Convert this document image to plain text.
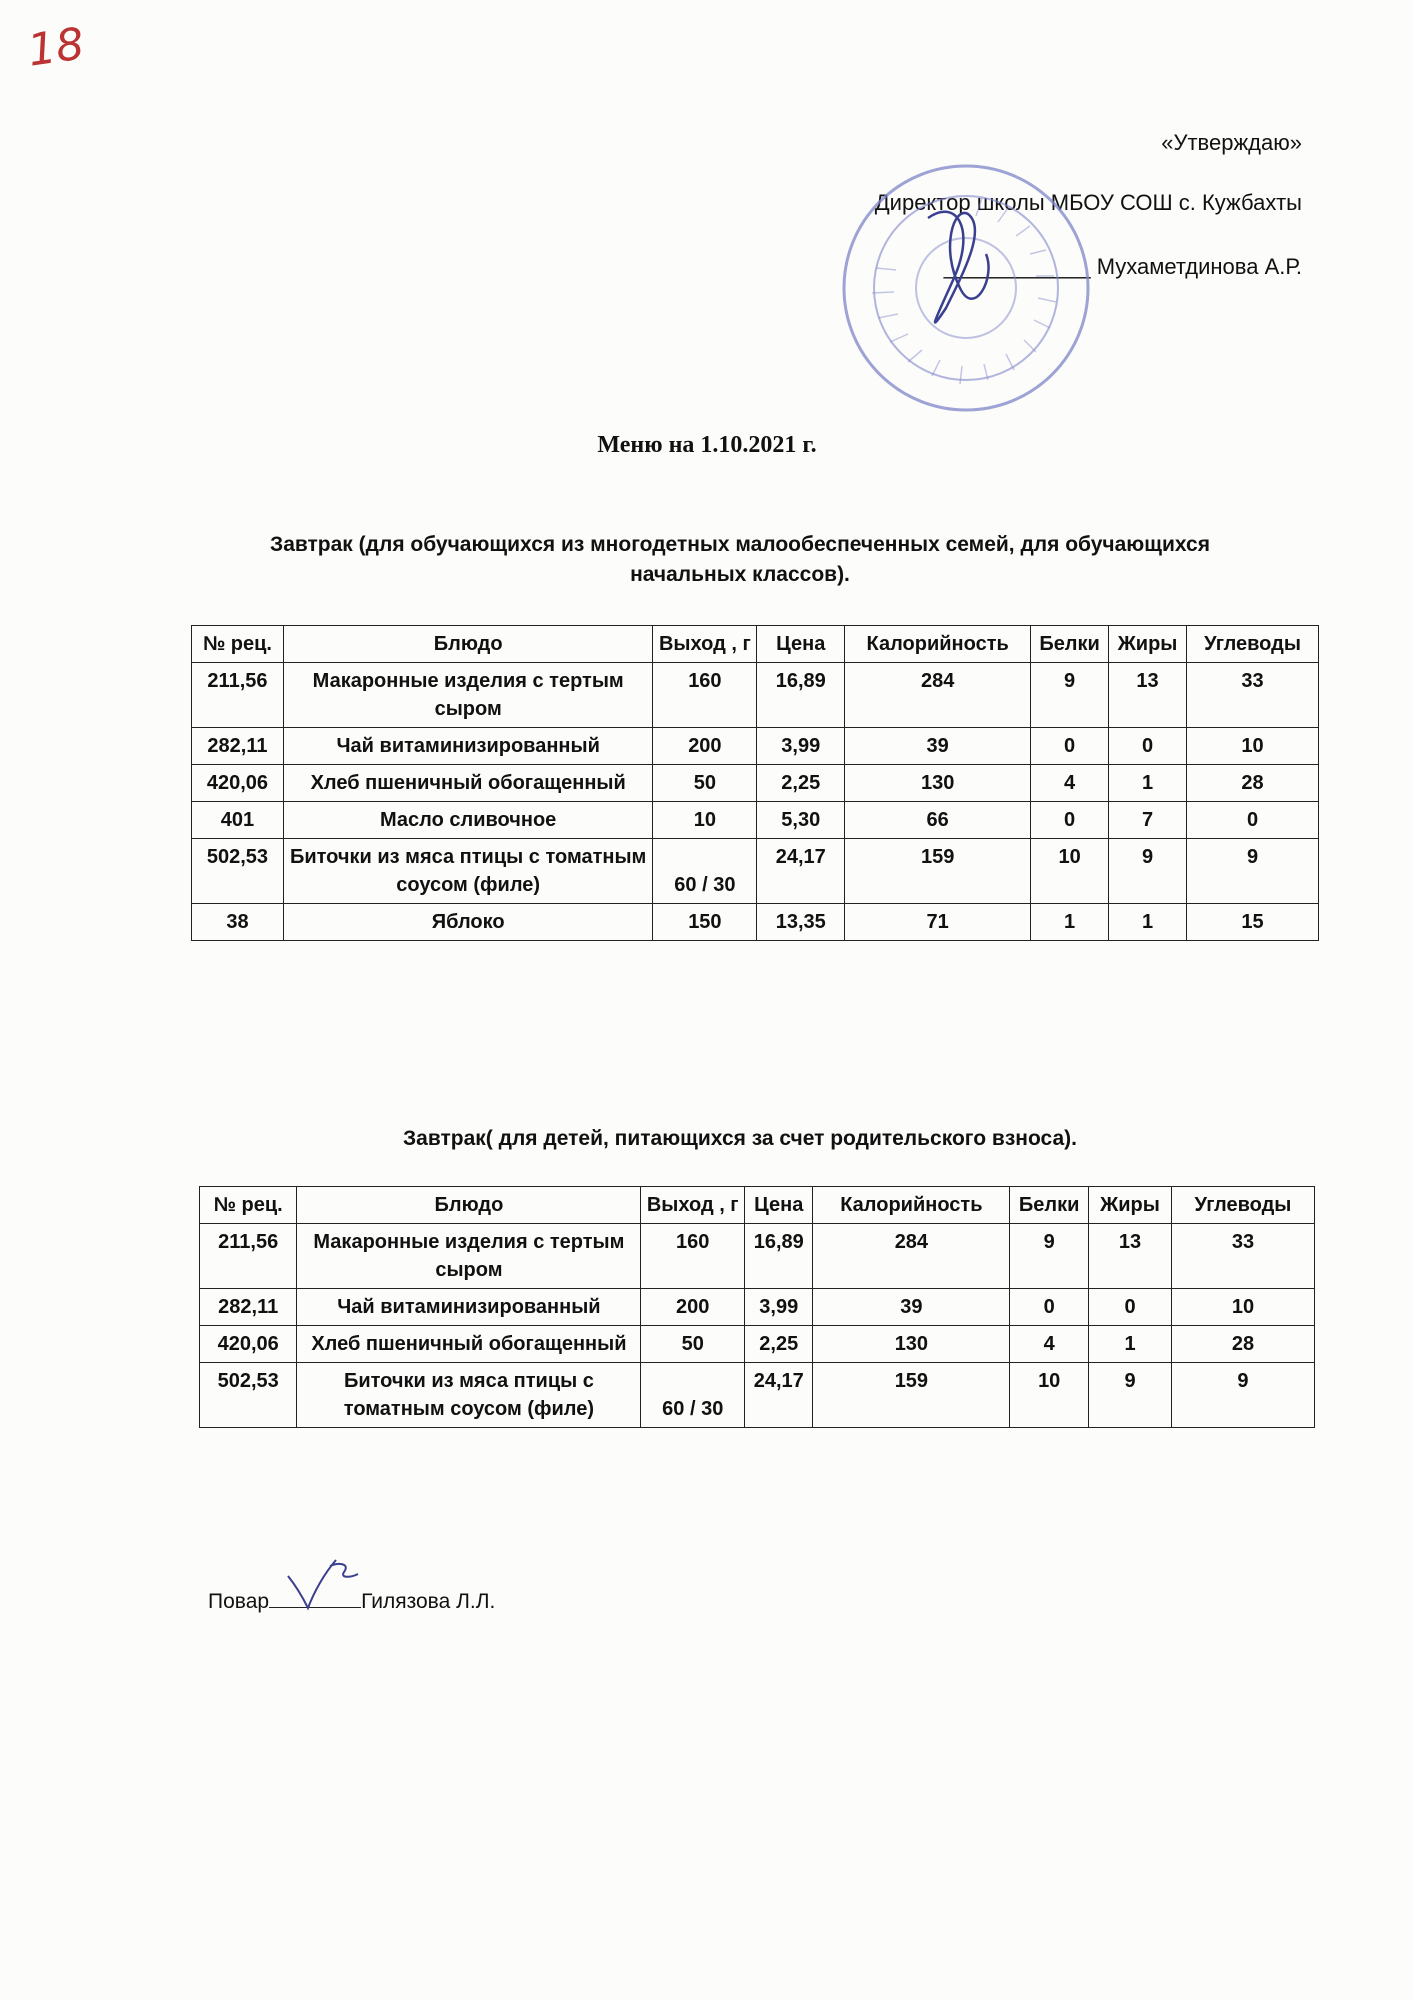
18
«Утверждаю»
Директор школы МБОУ СОШ с. Кужбахты
____________ Мухаметдинова А.Р.
Меню на 1.10.2021 г.
Завтрак (для обучающихся из многодетных малообеспеченных семей, для обучающихся
начальных классов).
№ рец.	Блюдо	Выход , г	Цена	Калорийность	Белки	Жиры	Углеводы
211,56	Макаронные изделия с тертым сыром	160	16,89	284	9	13	33
282,11	Чай витаминизированный	200	3,99	39	0	0	10
420,06	Хлеб пшеничный обогащенный	50	2,25	130	4	1	28
401	Масло сливочное	10	5,30	66	0	7	0
502,53	Биточки из мяса птицы с томатным соусом (филе)	60 / 30	24,17	159	10	9	9
38	Яблоко	150	13,35	71	1	1	15
Завтрак( для детей, питающихся за счет родительского взноса).
№ рец.	Блюдо	Выход , г	Цена	Калорийность	Белки	Жиры	Углеводы
211,56	Макаронные изделия с тертым сыром	160	16,89	284	9	13	33
282,11	Чай витаминизированный	200	3,99	39	0	0	10
420,06	Хлеб пшеничный обогащенный	50	2,25	130	4	1	28
502,53	Биточки из мяса птицы с томатным соусом (филе)	60 / 30	24,17	159	10	9	9
Повар	Гилязова Л.Л.
